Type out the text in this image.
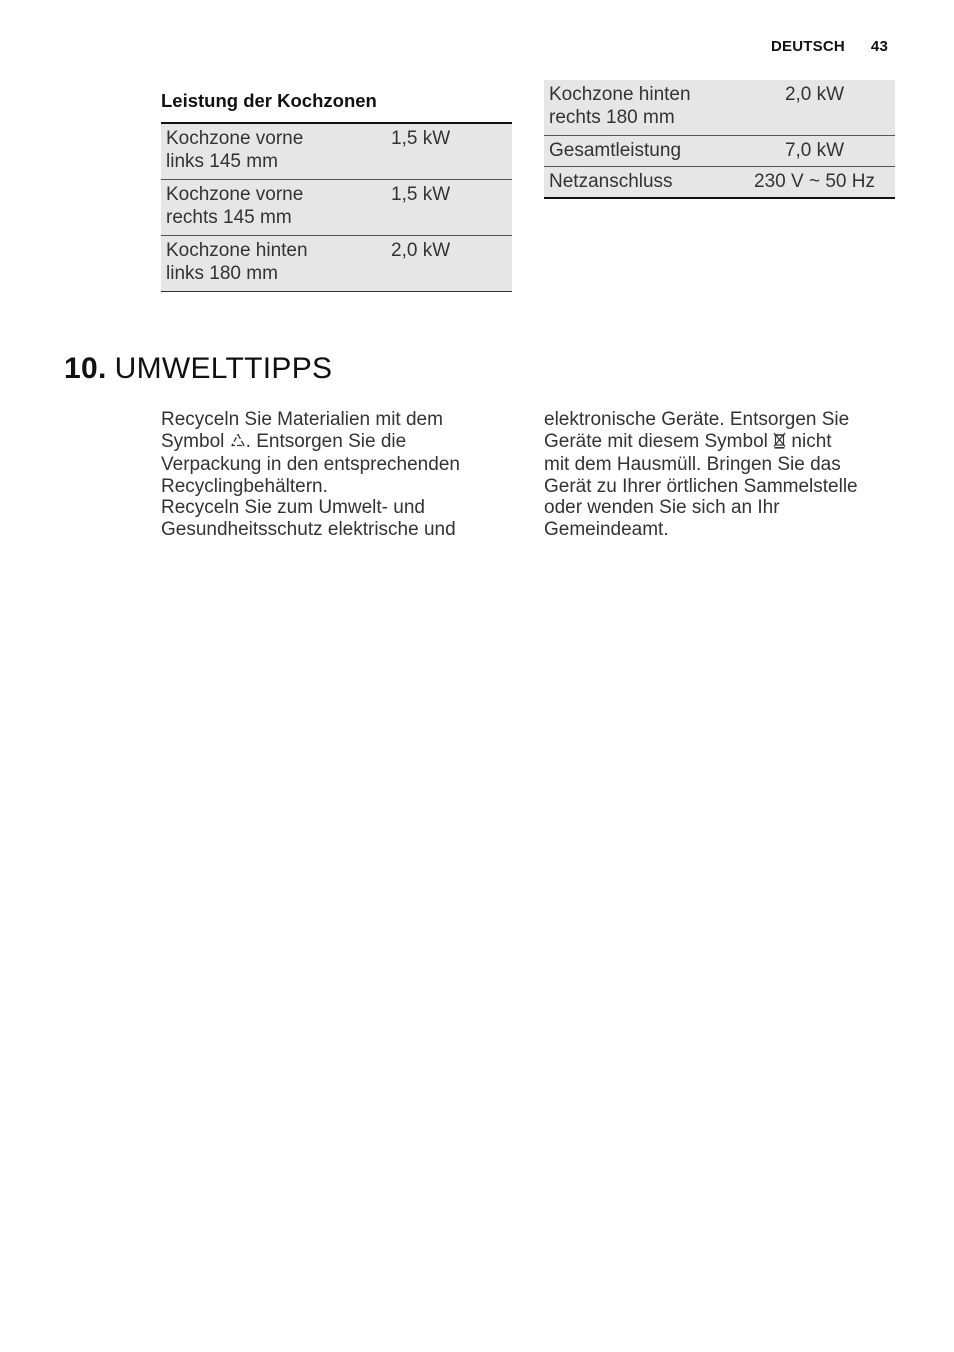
DEUTSCH 43
Leistung der Kochzonen
Kochzone vorne
links 145 mm	1,5 kW
Kochzone vorne
rechts 145 mm	1,5 kW
Kochzone hinten
links 180 mm	2,0 kW
Kochzone hinten
rechts 180 mm	2,0 kW
Gesamtleistung	7,0 kW
Netzanschluss	230 V ~ 50 Hz
10. UMWELTTIPPS

Recyceln Sie Materialien mit dem

Symbol . Entsorgen Sie die

Verpackung in den entsprechenden

Recyclingbehältern.

Recyceln Sie zum Umwelt- und

Gesundheitsschutz elektrische und

elektronische Geräte. Entsorgen Sie

Geräte mit diesem Symbol nicht

mit dem Hausmüll. Bringen Sie das

Gerät zu Ihrer örtlichen Sammelstelle

oder wenden Sie sich an Ihr

Gemeindeamt.
